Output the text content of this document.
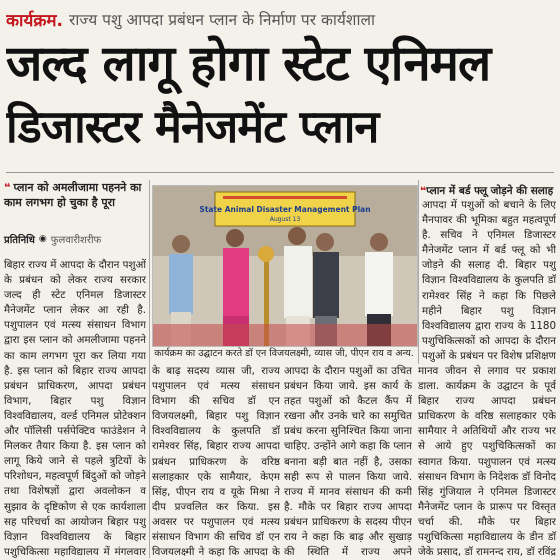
कार्यक्रम. राज्य पशु आपदा प्रबंधन प्लान के निर्माण पर कार्यशाला
जल्द लागू होगा स्टेट एनिमल
डिजास्टर मैनेजमेंट प्लान
❝ प्लान को अमलीजामा पहनने का काम लगभग हो चुका है पूरा
प्रतिनिधि ◉ फुलवारीशरीफ
बिहार राज्य में आपदा के दौरान पशुओं के प्रबंधन को लेकर राज्य सरकार जल्द ही स्टेट एनिमल डिजास्टर मैनेजमेंट प्लान लेकर आ रही है. पशुपालन एवं मत्स्य संसाधन विभाग द्वारा इस प्लान को अमलीजामा पहनने का काम लगभग पूरा कर लिया गया है. इस प्लान को बिहार राज्य आपदा प्रबंधन प्राधिकरण, आपदा प्रबंधन विभाग, बिहार पशु विज्ञान विश्वविद्यालय, वर्ल्ड एनिमल प्रोटेक्शन और पॉलिसी पर्सपेक्टिव फाउंडेशन ने मिलकर तैयार किया है. इस प्लान को लागू किये जाने से पहले त्रुटियों के परिशोधन, महत्वपूर्ण बिंदुओं को जोड़ने तथा विशेषज्ञों द्वारा अवलोकन व सुझाव के दृष्टिकोण से एक कार्यशाला सह परिचर्चा का आयोजन बिहार पशु विज्ञान विश्वविद्यालय के बिहार पशुचिकित्सा महाविद्यालय में मंगलवार
State Animal Disaster Management Plan
August 13
कार्यक्रम का उद्घाटन करते डॉ एन विजयलक्ष्मी, व्यास जी, पीएन राय व अन्य.
❝प्लान में बर्ड फ्लू जोड़ने की सलाह
आपदा में पशुओं को बचाने के लिए मैनपावर की भूमिका बहुत महत्वपूर्ण है. सचिव ने एनिमल डिजास्टर मैनेजमेंट प्लान में बर्ड फ्लू को भी जोड़ने की सलाह दी. बिहार पशु विज्ञान विश्वविद्यालय के कुलपति डॉ रामेश्वर सिंह ने कहा कि पिछले महीने बिहार पशु विज्ञान विश्वविद्यालय द्वारा राज्य के 1180 पशुचिकित्सकों को आपदा के दौरान पशुओं के प्रबंधन पर विशेष प्रशिक्षण
के बाढ़ सदस्य व्यास जी, राज्य पशुपालन एवं मत्स्य संसाधन विभाग की सचिव डॉ एन विजयलक्ष्मी, बिहार पशु विज्ञान विश्वविद्यालय के कुलपति डॉ रामेश्वर सिंह, बिहार राज्य आपदा प्रबंधन प्राधिकरण के वरिष्ठ सलाहकार एके सामैयार, केएम सिंह, पीएन राय व यूके मिश्रा ने दीप प्रज्वलित कर किया. इस अवसर पर पशुपालन एवं मत्स्य संसाधन विभाग की सचिव डॉ एन विजयलक्ष्मी ने कहा कि आपदा के
आपदा के दौरान पशुओं का उचित प्रबंधन किया जाये. इस कार्य के तहत पशुओं को कैटल कैंप में रखना और उनके चारे का समुचित प्रबंध करना सुनिश्चित किया जाना चाहिए. उन्होंने आगे कहा कि प्लान बनाना बड़ी बात नहीं है, उसका सही रूप से पालन किया जाये. राज्य में मानव संसाधन की कमी है. मौके पर बिहार राज्य आपदा प्रबंधन प्राधिकरण के सदस्य पीएन राय ने कहा कि बाढ़ और सुखाड़ की स्थिति में राज्य अपने
मानव जीवन से लगाव पर प्रकाश डाला. कार्यक्रम के उद्घाटन के पूर्व बिहार राज्य आपदा प्रबंधन प्राधिकरण के वरिष्ठ सलाहकार एके सामैयार ने अतिथियों और राज्य भर से आये हुए पशुचिकित्सकों का स्वागत किया. पशुपालन एवं मत्स्य संसाधन विभाग के निदेशक डॉ विनोद सिंह गुंजियाल ने एनिमल डिजास्टर मैनेजमेंट प्लान के प्रारूप पर विस्तृत चर्चा की. मौके पर बिहार पशुचिकित्सा महाविद्यालय के डीन डॉ जेके प्रसाद, डॉ रामनन्द राय, डॉ रविंद्र
